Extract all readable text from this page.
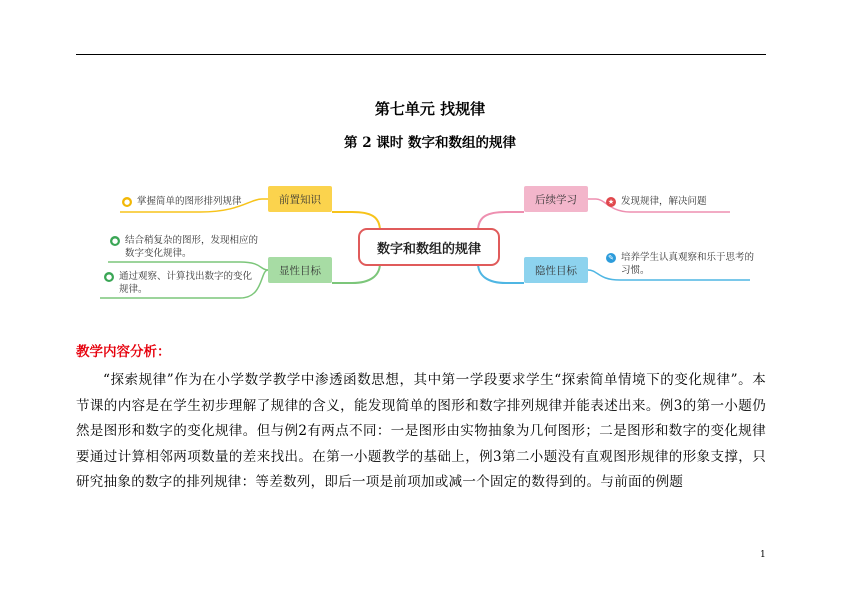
第七单元 找规律
第 2 课时 数字和数组的规律
数字和数组的规律
前置知识
显性目标
后续学习
隐性目标
● 掌握简单的图形排列规律
● 结合稍复杂的图形，发现相应的数字变化规律。
● 通过观察、计算找出数字的变化规律。
★ 发现规律，解决问题
✎ 培养学生认真观察和乐于思考的习惯。
教学内容分析：
“探索规律”作为在小学数学教学中渗透函数思想，其中第一学段要求学生“探索简单情境下的变化规律”。本节课的内容是在学生初步理解了规律的含义，能发现简单的图形和数字排列规律并能表述出来。例3的第一小题仍然是图形和数字的变化规律。但与例2有两点不同：一是图形由实物抽象为几何图形；二是图形和数字的变化规律要通过计算相邻两项数量的差来找出。在第一小题教学的基础上，例3第二小题没有直观图形规律的形象支撑，只研究抽象的数字的排列规律：等差数列，即后一项是前项加或减一个固定的数得到的。与前面的例题
1
